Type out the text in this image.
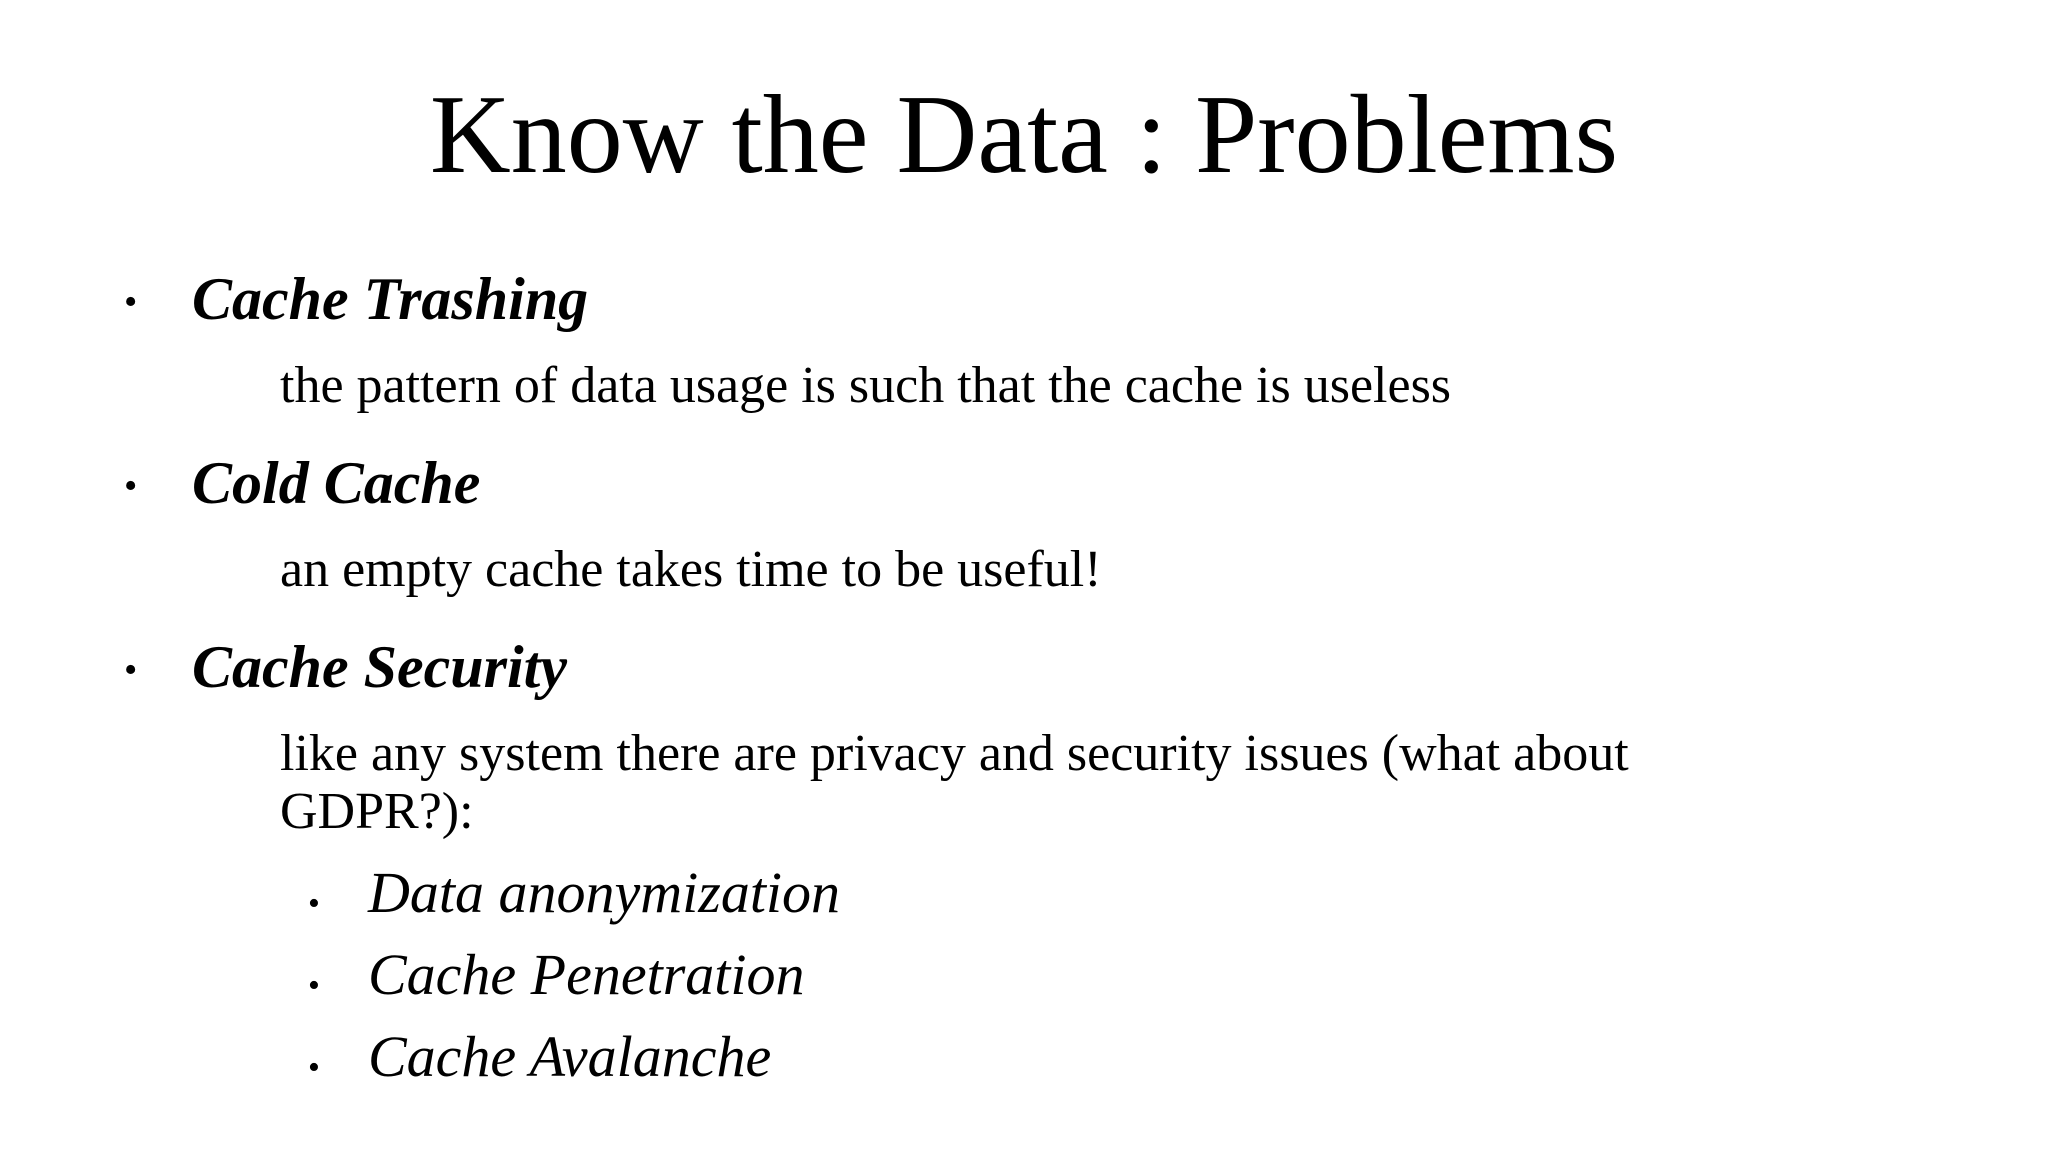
Know the Data : Problems
• Cache Trashing
the pattern of data usage is such that the cache is useless
• Cold Cache
an empty cache takes time to be useful!
• Cache Security
like any system there are privacy and security issues (what about
GDPR?):
• Data anonymization
• Cache Penetration
• Cache Avalanche
